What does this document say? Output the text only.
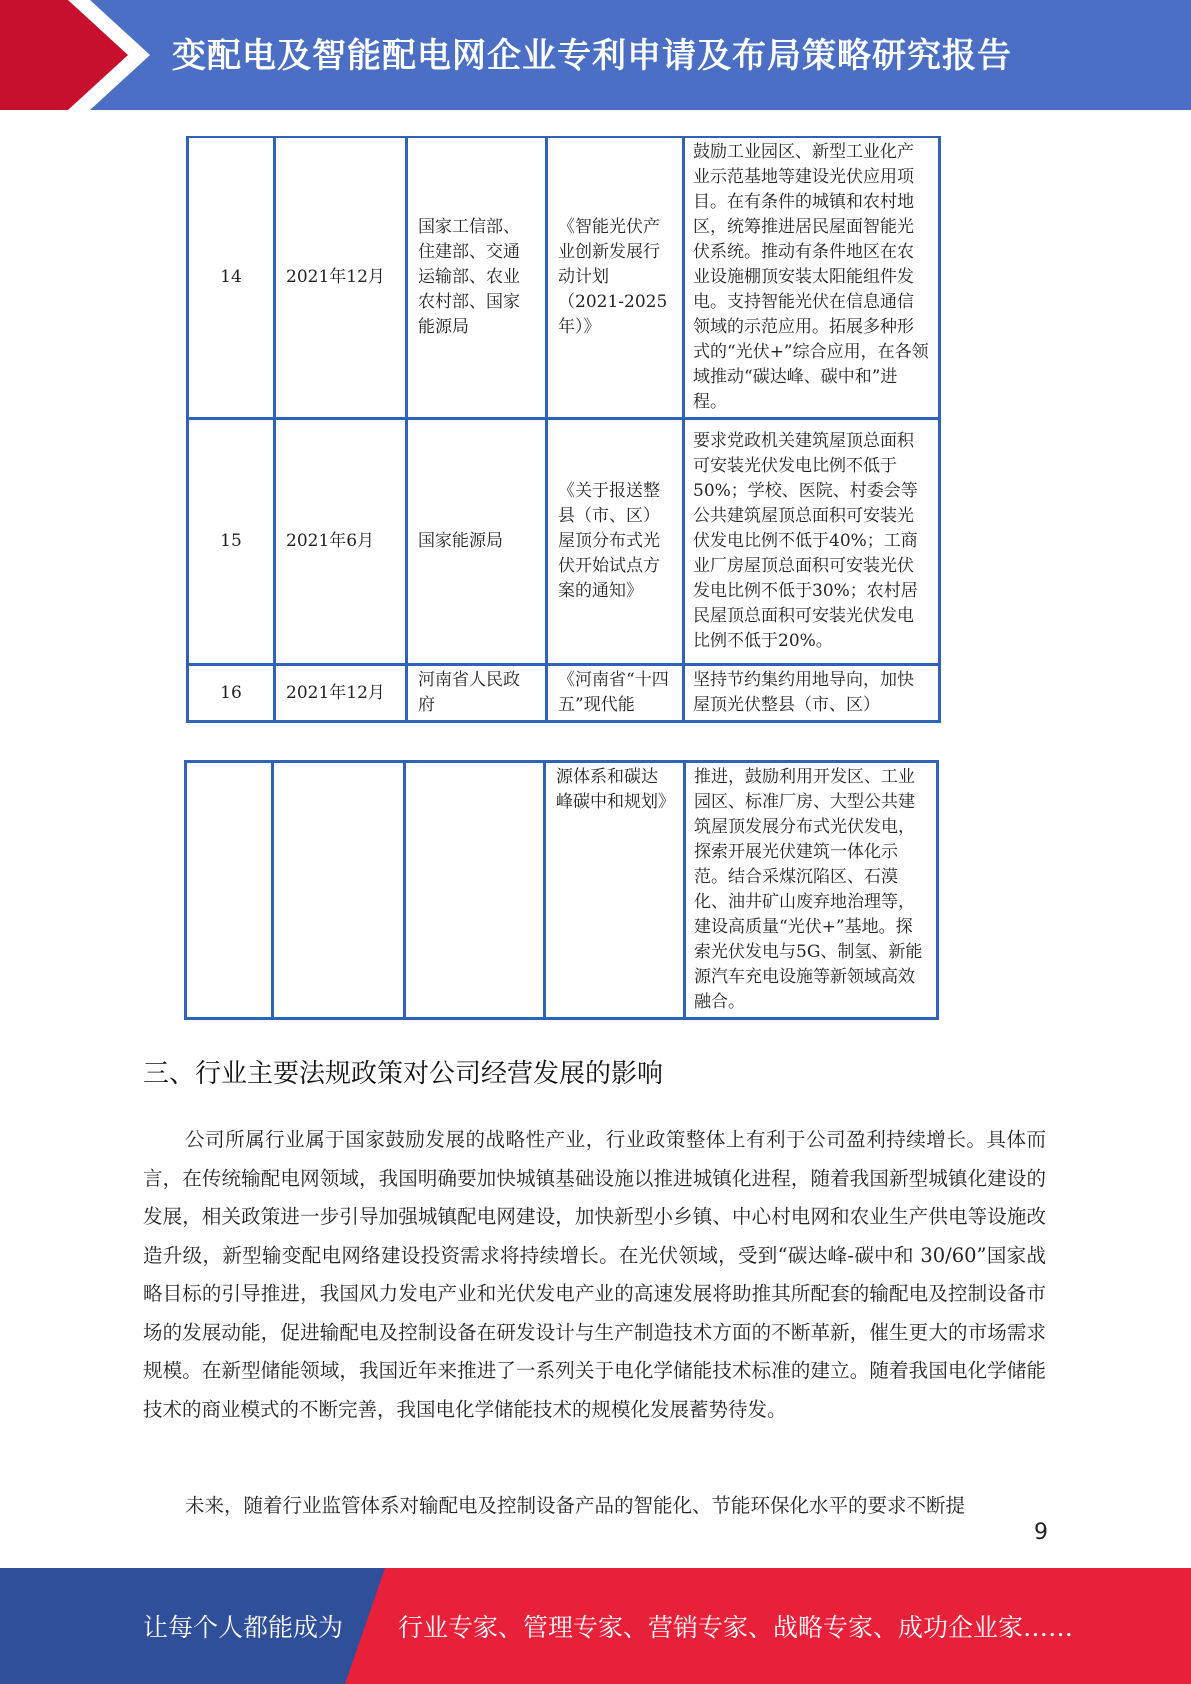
变配电及智能配电网企业专利申请及布局策略研究报告
14	2021年12月	国家工信部、住建部、交通运输部、农业农村部、国家能源局	《智能光伏产业创新发展行动计划（2021-2025年）》	鼓励工业园区、新型工业化产业示范基地等建设光伏应用项目。在有条件的城镇和农村地区，统筹推进居民屋面智能光伏系统。推动有条件地区在农业设施棚顶安装太阳能组件发电。支持智能光伏在信息通信领域的示范应用。拓展多种形式的“光伏+”综合应用，在各领域推动“碳达峰、碳中和”进程。
15	2021年6月	国家能源局	《关于报送整县（市、区）屋顶分布式光伏开始试点方案的通知》	要求党政机关建筑屋顶总面积可安装光伏发电比例不低于50%；学校、医院、村委会等公共建筑屋顶总面积可安装光伏发电比例不低于40%；工商业厂房屋顶总面积可安装光伏发电比例不低于30%；农村居民屋顶总面积可安装光伏发电比例不低于20%。
16	2021年12月	河南省人民政府	《河南省“十四五”现代能	坚持节约集约用地导向，加快屋顶光伏整县（市、区）
			源体系和碳达峰碳中和规划》	推进，鼓励利用开发区、工业园区、标准厂房、大型公共建筑屋顶发展分布式光伏发电，探索开展光伏建筑一体化示范。结合采煤沉陷区、石漠化、油井矿山废弃地治理等，建设高质量“光伏+”基地。探索光伏发电与5G、制氢、新能源汽车充电设施等新领域高效融合。
三、行业主要法规政策对公司经营发展的影响

公司所属行业属于国家鼓励发展的战略性产业，行业政策整体上有利于公司盈利持续增长。具体而言，在传统输配电网领域，我国明确要加快城镇基础设施以推进城镇化进程，随着我国新型城镇化建设的发展，相关政策进一步引导加强城镇配电网建设，加快新型小乡镇、中心村电网和农业生产供电等设施改造升级，新型输变配电网络建设投资需求将持续增长。在光伏领域，受到“碳达峰-碳中和 30/60”国家战略目标的引导推进，我国风力发电产业和光伏发电产业的高速发展将助推其所配套的输配电及控制设备市场的发展动能，促进输配电及控制设备在研发设计与生产制造技术方面的不断革新，催生更大的市场需求规模。在新型储能领域，我国近年来推进了一系列关于电化学储能技术标准的建立。随着我国电化学储能技术的商业模式的不断完善，我国电化学储能技术的规模化发展蓄势待发。

未来，随着行业监管体系对输配电及控制设备产品的智能化、节能环保化水平的要求不断提

9
让每个人都能成为 行业专家、管理专家、营销专家、战略专家、成功企业家……
